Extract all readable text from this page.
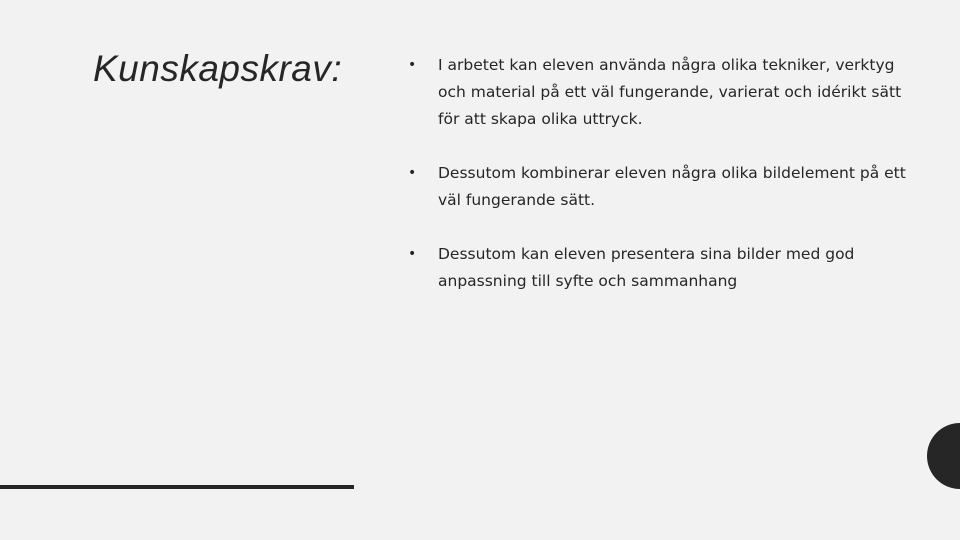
Kunskapskrav:	• I arbetet kan eleven använda några olika tekniker, verktyg och material på ett väl fungerande, varierat och idérikt sätt för att skapa olika uttryck.
• Dessutom kombinerar eleven några olika bildelement på ett väl fungerande sätt.
• Dessutom kan eleven presentera sina bilder med god anpassning till syfte och sammanhang
